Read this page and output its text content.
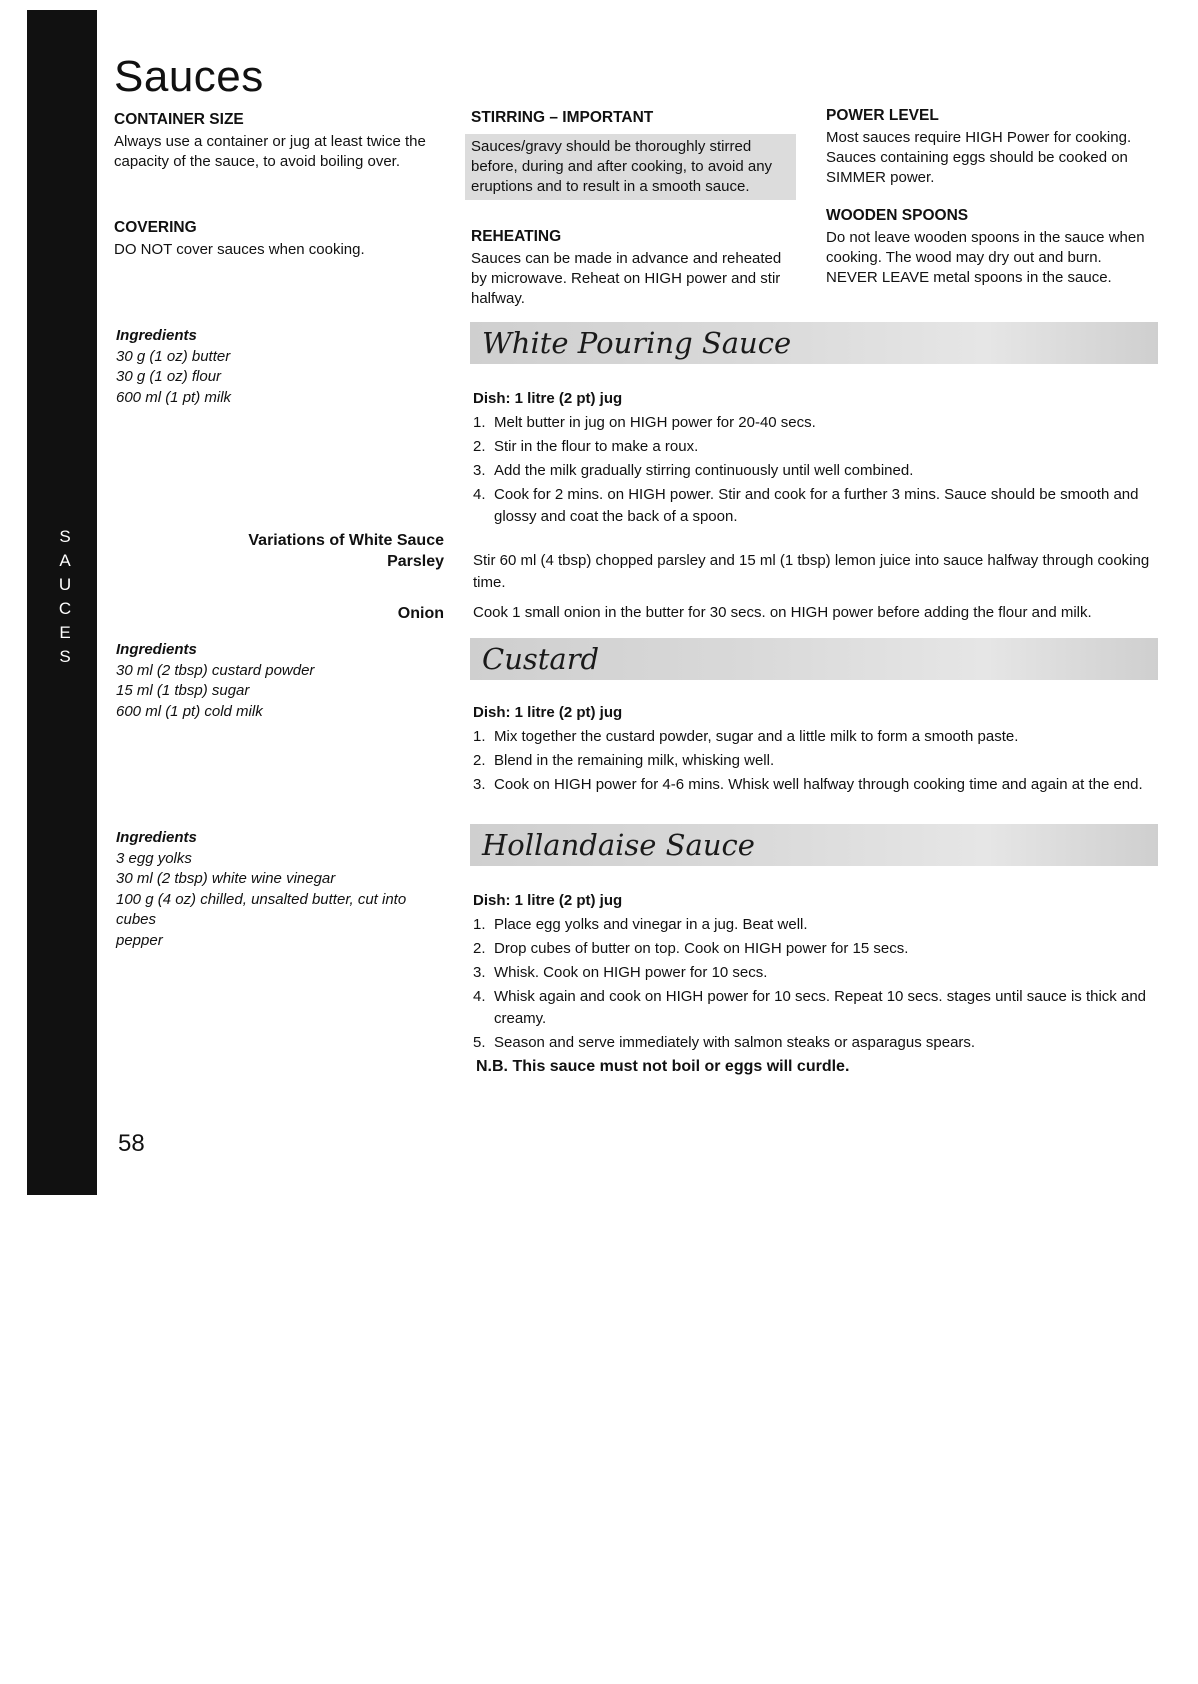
S
A
U
C
E
S
Sauces
CONTAINER SIZE

Always use a container or jug at least twice the capacity of the sauce, to avoid boiling over.

COVERING

DO NOT cover sauces when cooking.

STIRRING – IMPORTANT

Sauces/gravy should be thoroughly stirred before, during and after cooking, to avoid any eruptions and to result in a smooth sauce.

REHEATING

Sauces can be made in advance and reheated by microwave. Reheat on HIGH power and stir halfway.

POWER LEVEL

Most sauces require HIGH Power for cooking. Sauces containing eggs should be cooked on SIMMER power.

WOODEN SPOONS

Do not leave wooden spoons in the sauce when cooking. The wood may dry out and burn. NEVER LEAVE metal spoons in the sauce.

Ingredients
30 g (1 oz) butter
30 g (1 oz) flour
600 ml (1 pt) milk
White Pouring Sauce
Dish: 1 litre (2 pt) jug
1. Melt butter in jug on HIGH power for 20-40 secs.
2. Stir in the flour to make a roux.
3. Add the milk gradually stirring continuously until well combined.
4. Cook for 2 mins. on HIGH power. Stir and cook for a further 3 mins. Sauce should be smooth and glossy and coat the back of a spoon.
Variations of White Sauce
Parsley Stir 60 ml (4 tbsp) chopped parsley and 15 ml (1 tbsp) lemon juice into sauce halfway through cooking time.
Onion Cook 1 small onion in the butter for 30 secs. on HIGH power before adding the flour and milk.
Ingredients
30 ml (2 tbsp) custard powder
15 ml (1 tbsp) sugar
600 ml (1 pt) cold milk
Custard
Dish: 1 litre (2 pt) jug
1. Mix together the custard powder, sugar and a little milk to form a smooth paste.
2. Blend in the remaining milk, whisking well.
3. Cook on HIGH power for 4-6 mins. Whisk well halfway through cooking time and again at the end.
Ingredients
3 egg yolks
30 ml (2 tbsp) white wine vinegar
100 g (4 oz) chilled, unsalted butter, cut into cubes
pepper
Hollandaise Sauce
Dish: 1 litre (2 pt) jug
1. Place egg yolks and vinegar in a jug. Beat well.
2. Drop cubes of butter on top. Cook on HIGH power for 15 secs.
3. Whisk. Cook on HIGH power for 10 secs.
4. Whisk again and cook on HIGH power for 10 secs. Repeat 10 secs. stages until sauce is thick and creamy.
5. Season and serve immediately with salmon steaks or asparagus spears.
N.B. This sauce must not boil or eggs will curdle.
58
